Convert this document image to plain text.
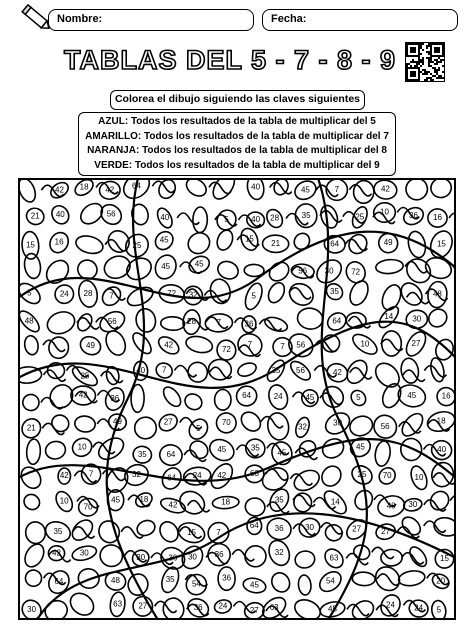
Nombre:	Fecha:
TABLAS DEL 5 - 7 - 8 - 9
Colorea el dibujo siguiendo las claves siguientes
AZUL: Todos los resultados de la tabla de multiplicar del 5
AMARILLO: Todos los resultados de la tabla de multiplicar del 7
NARANJA: Todos los resultados de la tabla de multiplicar del 8
VERDE: Todos los resultados de la tabla de multiplicar del 9
42 18 42 64	40	45	7	42
21 40	56	40	5	40 28	35	25
10	36 16
15 16	25
45	15 21	64	49	15
45	45
56 30 72
5	24 28 7	72 32	5
35	48
48	56	28	7	36	64	14 30
49	42
72
7	7 56	10	27
25
40 7	35 56	42
42	36	64	24	45	5	45	16
21
49	27
5
70	32	30	56
18
10
35 64
45	35
45
45	40
42	7	32	64 24 42	63	25 70	10
10
70
45 18
42	18	35	14	48 30
35	15	7
64 36	30	27	27
42 30
30	36 30 36	32
63	15
64	48	35
54
36
45	54	20
30
63 27	36 24	27 63	45	24 24 5
